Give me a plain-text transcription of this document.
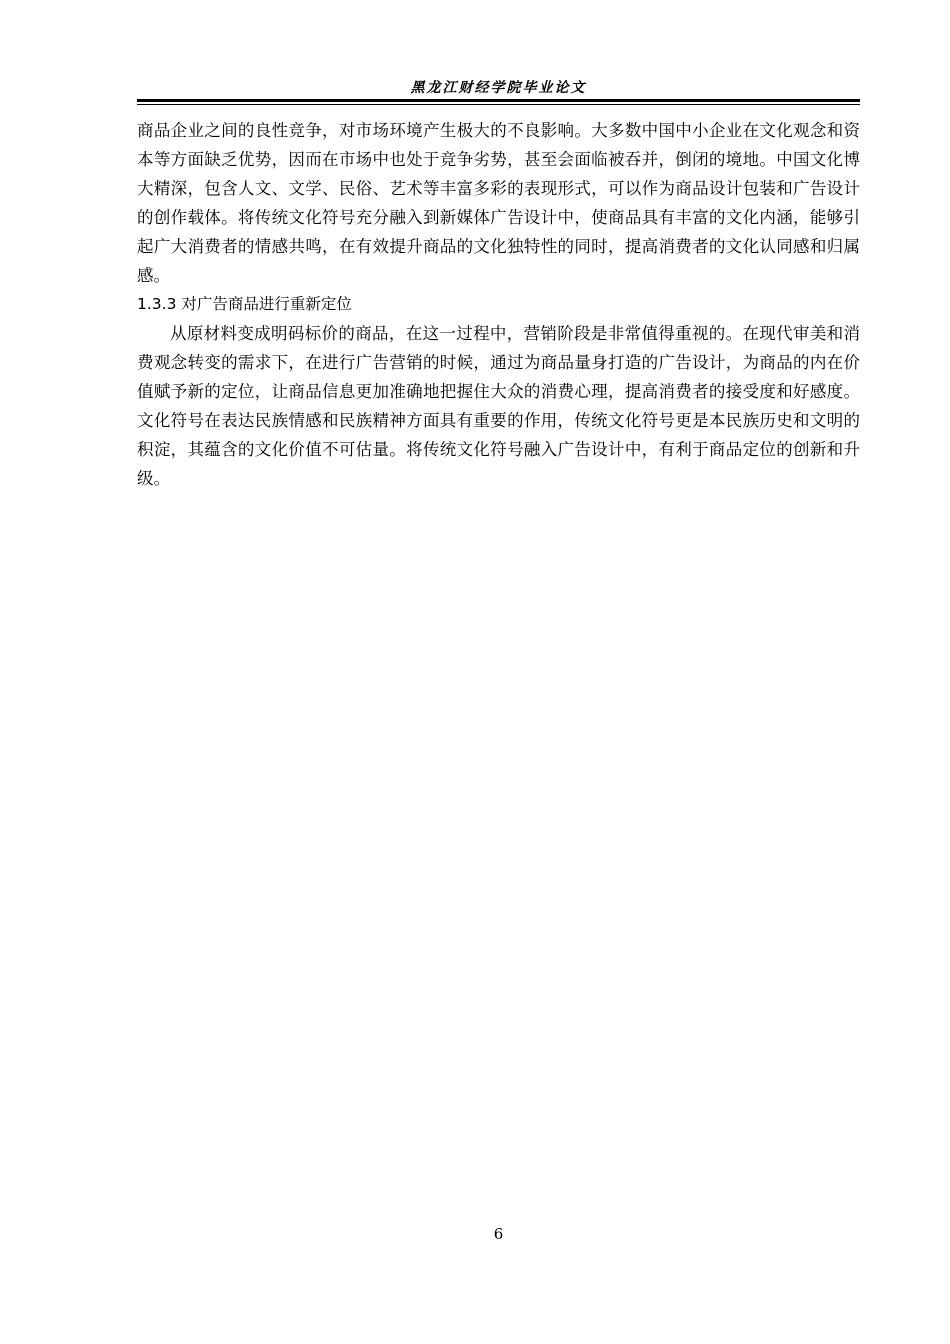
黑龙江财经学院毕业论文

商品企业之间的良性竞争，对市场环境产生极大的不良影响。大多数中国中小企业在文化观念和资本等方面缺乏优势，因而在市场中也处于竞争劣势，甚至会面临被吞并，倒闭的境地。中国文化博大精深，包含人文、文学、民俗、艺术等丰富多彩的表现形式，可以作为商品设计包装和广告设计的创作载体。将传统文化符号充分融入到新媒体广告设计中，使商品具有丰富的文化内涵，能够引起广大消费者的情感共鸣，在有效提升商品的文化独特性的同时，提高消费者的文化认同感和归属感。

1.3.3 对广告商品进行重新定位

从原材料变成明码标价的商品，在这一过程中，营销阶段是非常值得重视的。在现代审美和消费观念转变的需求下，在进行广告营销的时候，通过为商品量身打造的广告设计，为商品的内在价值赋予新的定位，让商品信息更加准确地把握住大众的消费心理，提高消费者的接受度和好感度。文化符号在表达民族情感和民族精神方面具有重要的作用，传统文化符号更是本民族历史和文明的积淀，其蕴含的文化价值不可估量。将传统文化符号融入广告设计中，有利于商品定位的创新和升级。

6
